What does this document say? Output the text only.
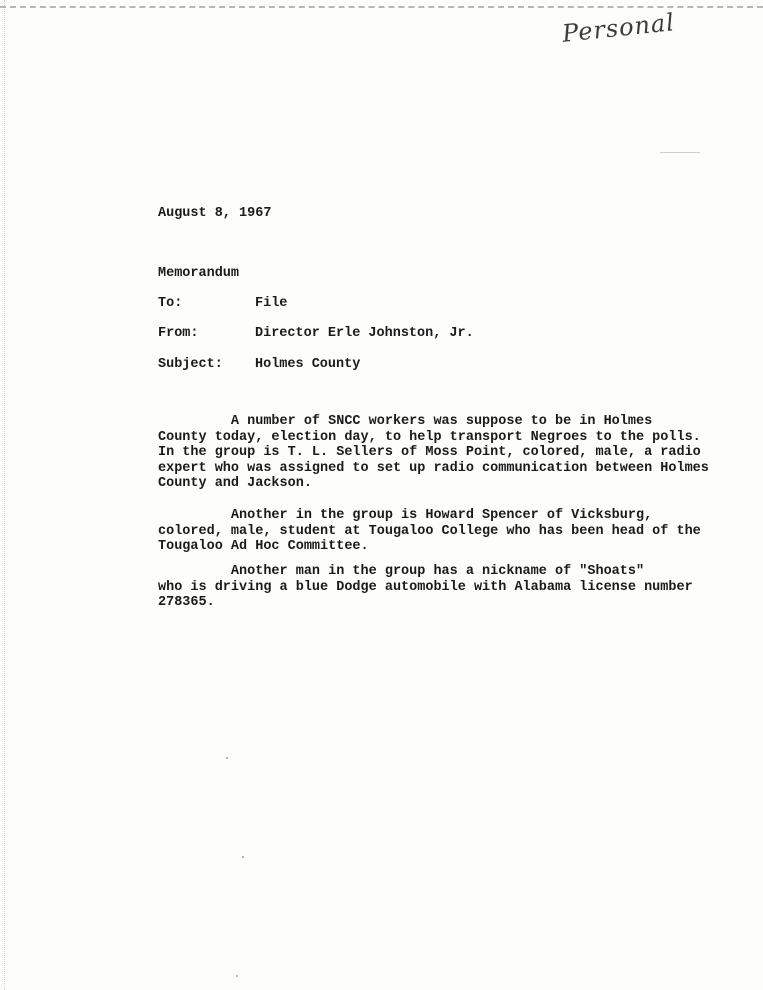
Personal
August 8, 1967
Memorandum
To:	File
From:	Director Erle Johnston, Jr.
Subject: Holmes County

A number of SNCC workers was suppose to be in Holmes
County today, election day, to help transport Negroes to the polls.
In the group is T. L. Sellers of Moss Point, colored, male, a radio
expert who was assigned to set up radio communication between Holmes
County and Jackson.

Another in the group is Howard Spencer of Vicksburg,
colored, male, student at Tougaloo College who has been head of the
Tougaloo Ad Hoc Committee.

Another man in the group has a nickname of "Shoats"
who is driving a blue Dodge automobile with Alabama license number
278365.
